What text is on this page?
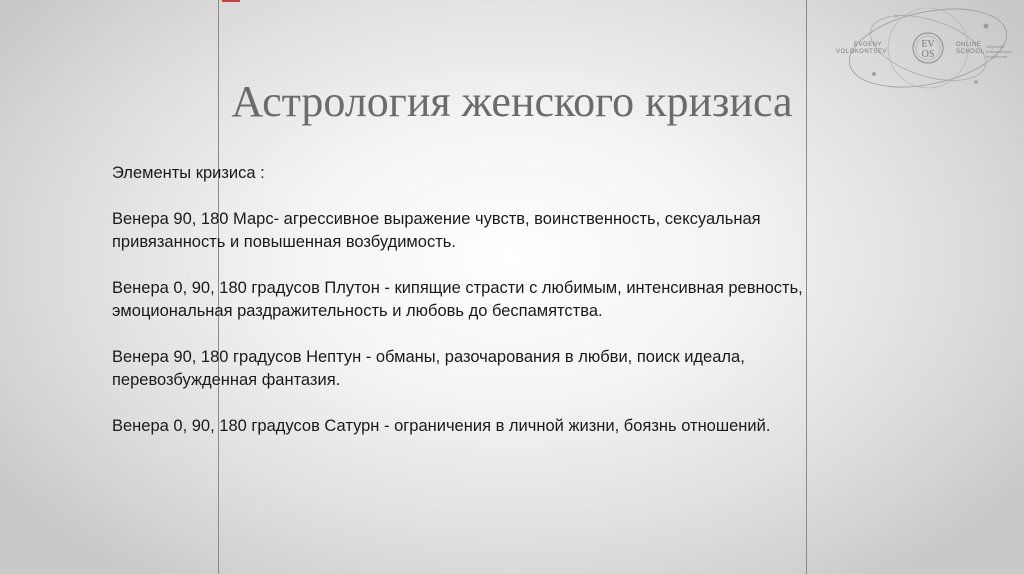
EV
OS
EVGENY
VOLOKONTSEV
ONLINE
SCHOOL
Обучение
Классическая
Астрология
Астрология женского кризиса

Элементы кризиса :

Венера 90, 180 Марс- агрессивное выражение чувств, воинственность, сексуальная привязанность и повышенная возбудимость.

Венера 0, 90, 180 градусов Плутон - кипящие страсти с любимым, интенсивная ревность, эмоциональная раздражительность и любовь до беспамятства.

Венера 90, 180 градусов Нептун - обманы, разочарования в любви, поиск идеала, перевозбужденная фантазия.

Венера 0, 90, 180 градусов Сатурн - ограничения в личной жизни, боязнь отношений.
